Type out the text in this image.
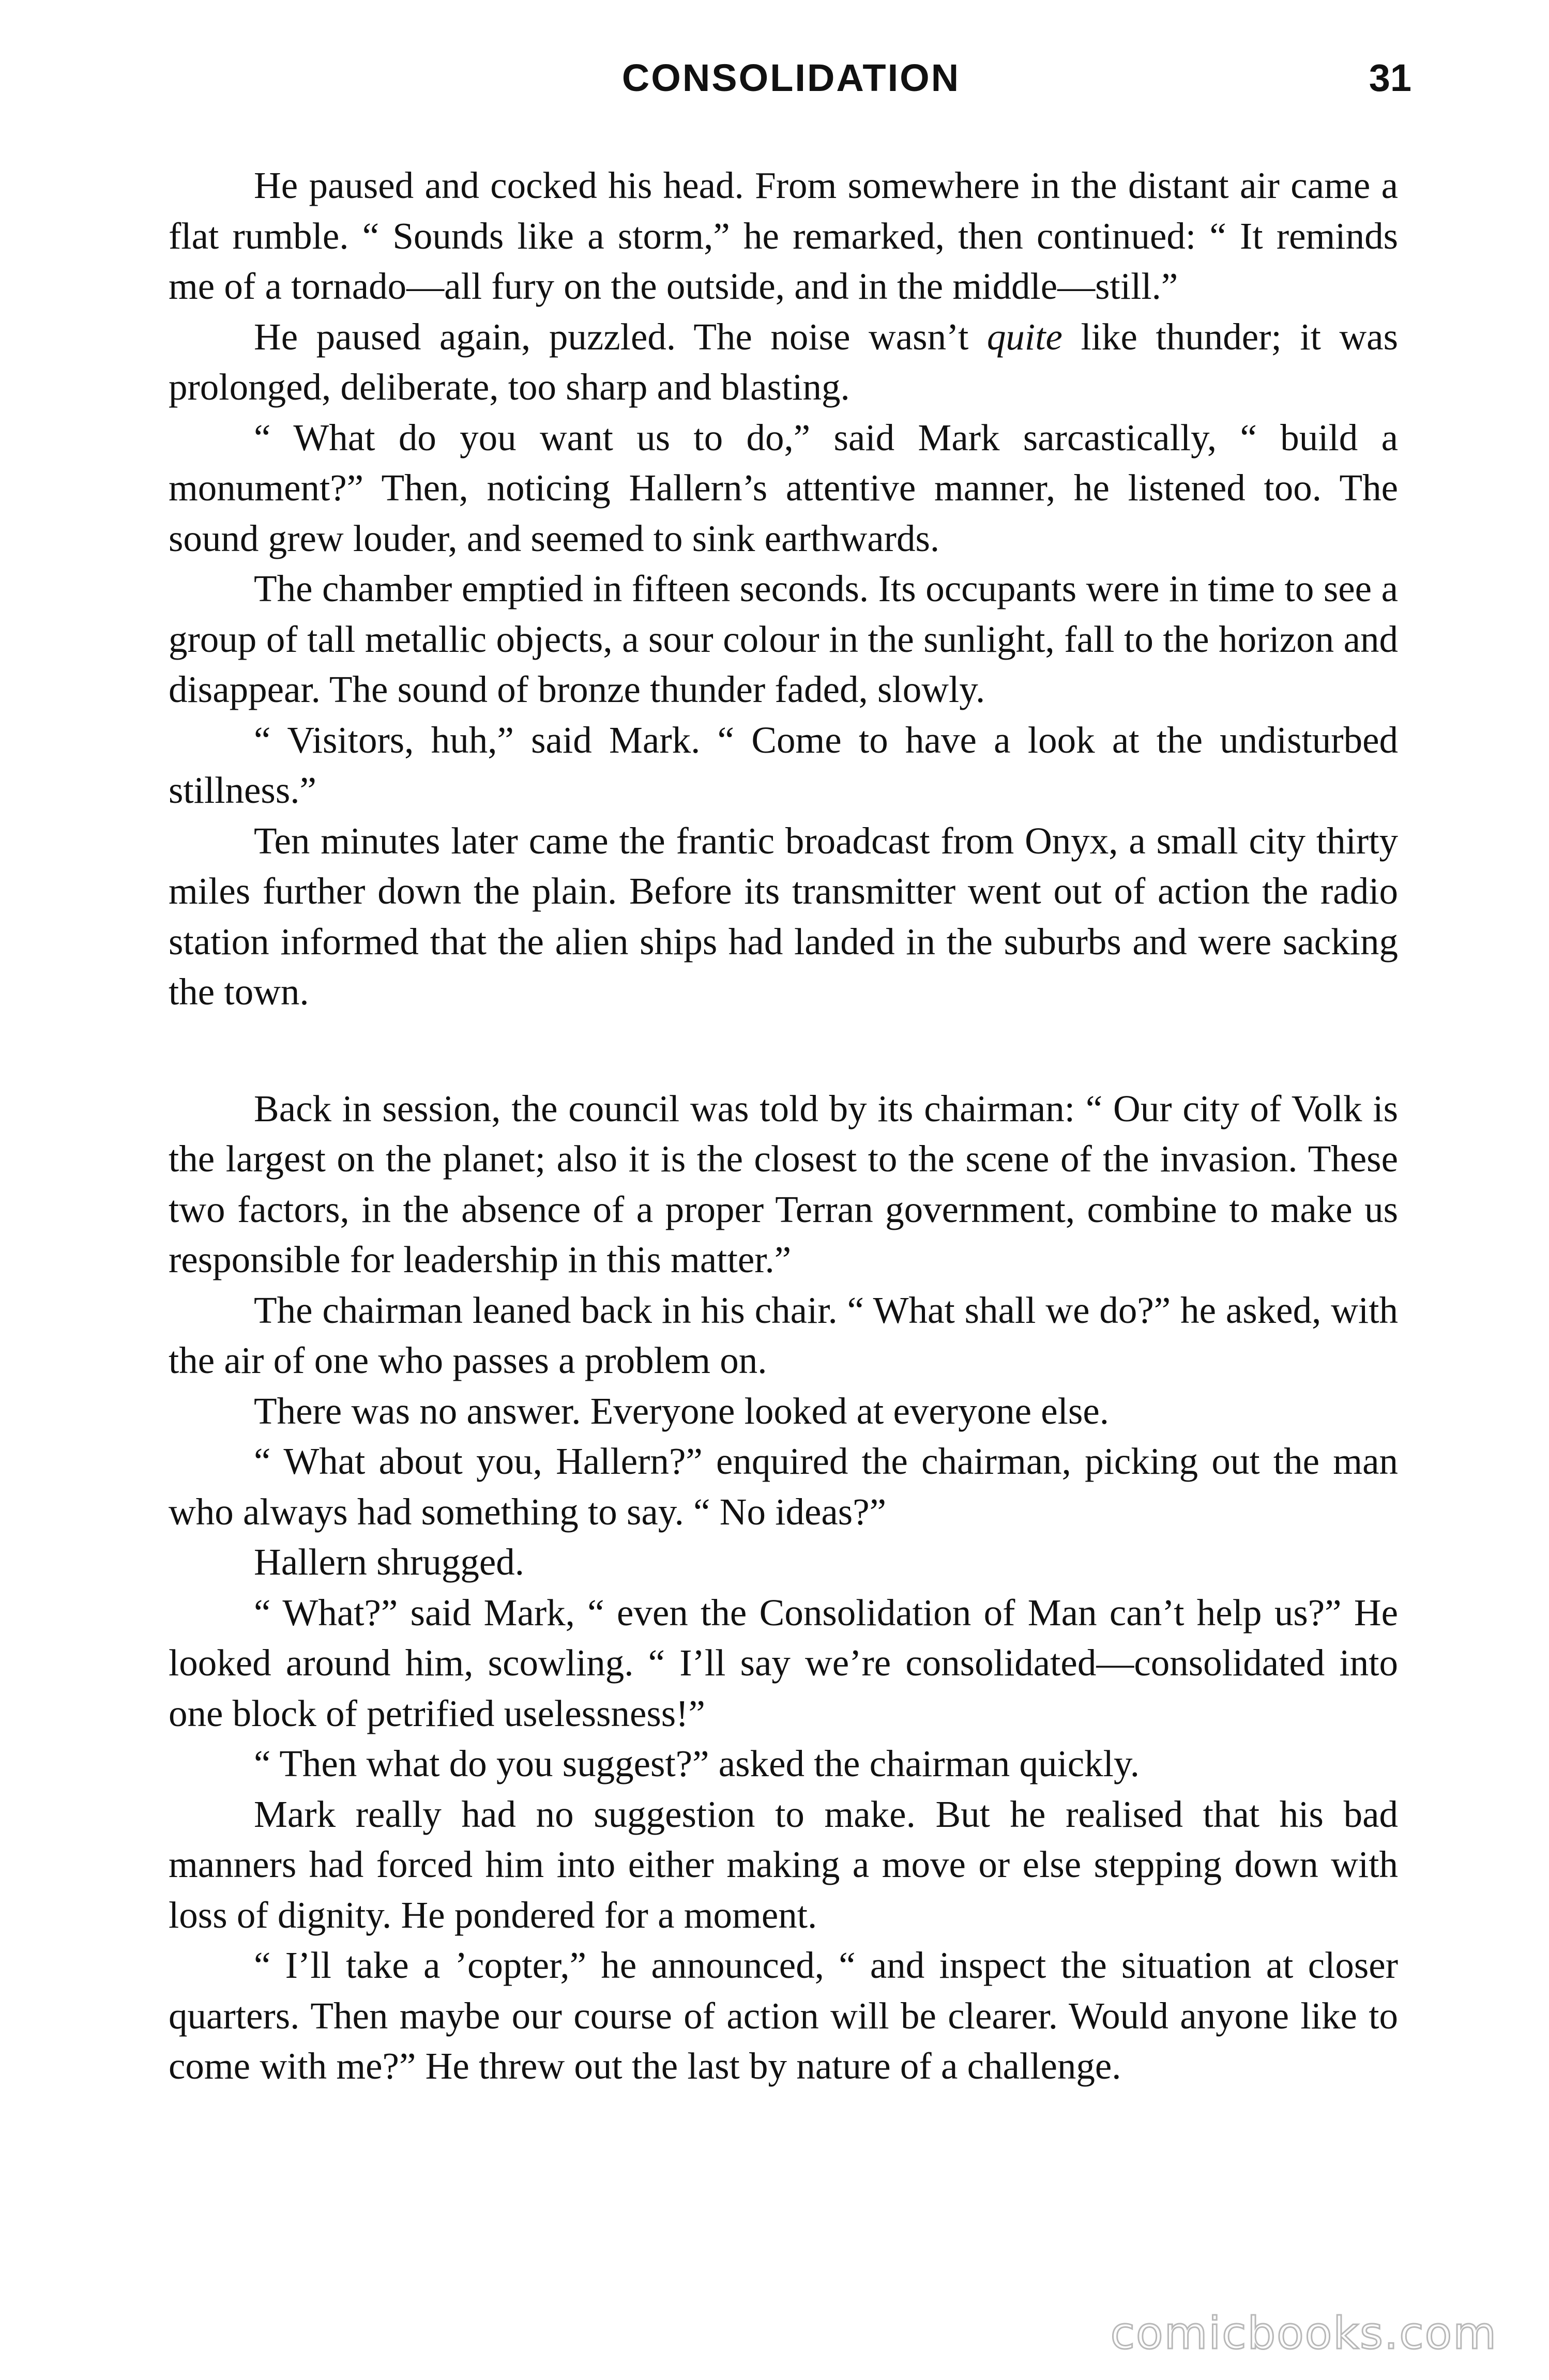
CONSOLIDATION	31

He paused and cocked his head. From somewhere in the distant air came a flat rumble. “ Sounds like a storm,” he remarked, then continued: “ It reminds me of a tornado—all fury on the outside, and in the middle—still.”

He paused again, puzzled. The noise wasn’t quite like thunder; it was prolonged, deliberate, too sharp and blasting.

“ What do you want us to do,” said Mark sarcastically, “ build a monument?” Then, noticing Hallern’s attentive manner, he listened too. The sound grew louder, and seemed to sink earthwards.

The chamber emptied in fifteen seconds. Its occupants were in time to see a group of tall metallic objects, a sour colour in the sunlight, fall to the horizon and disappear. The sound of bronze thunder faded, slowly.

“ Visitors, huh,” said Mark. “ Come to have a look at the undisturbed stillness.”

Ten minutes later came the frantic broadcast from Onyx, a small city thirty miles further down the plain. Before its transmitter went out of action the radio station informed that the alien ships had landed in the suburbs and were sacking the town.

Back in session, the council was told by its chairman: “ Our city of Volk is the largest on the planet; also it is the closest to the scene of the invasion. These two factors, in the absence of a proper Terran government, combine to make us responsible for leadership in this matter.”

The chairman leaned back in his chair. “ What shall we do?” he asked, with the air of one who passes a problem on.

There was no answer. Everyone looked at everyone else.

“ What about you, Hallern?” enquired the chairman, picking out the man who always had something to say. “ No ideas?”

Hallern shrugged.

“ What?” said Mark, “ even the Consolidation of Man can’t help us?” He looked around him, scowling. “ I’ll say we’re consolidated—consolidated into one block of petrified uselessness!”

“ Then what do you suggest?” asked the chairman quickly.

Mark really had no suggestion to make. But he realised that his bad manners had forced him into either making a move or else stepping down with loss of dignity. He pondered for a moment.

“ I’ll take a ’copter,” he announced, “ and inspect the situation at closer quarters. Then maybe our course of action will be clearer. Would anyone like to come with me?” He threw out the last by nature of a challenge.

comicbooks.com
